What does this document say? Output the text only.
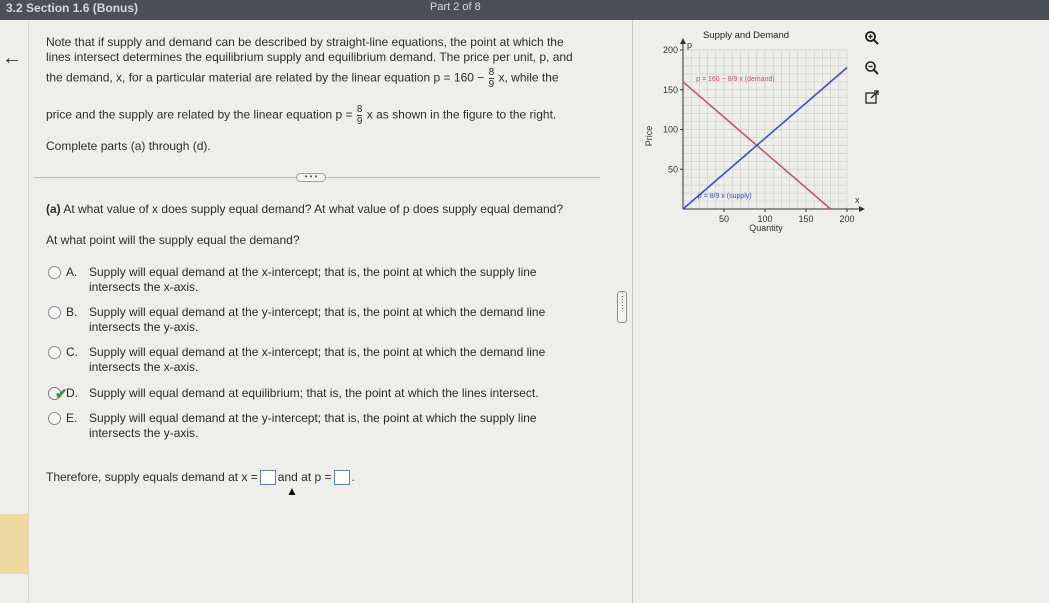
3.2 Section 1.6 (Bonus)	Part 2 of 8
←
Note that if supply and demand can be described by straight-line equations, the point at which the
lines intersect determines the equilibrium supply and equilibrium demand. The price per unit, p, and
the demand, x, for a particular material are related by the linear equation $p = 160 - \frac{8}{9} x$, while the
price and the supply are related by the linear equation $p = \frac{8}{9}$ x as shown in the figure to the right.
Complete parts (a) through (d).
• • •
(a) At what value of x does supply equal demand? At what value of p does supply equal demand?
At what point will the supply equal the demand?
A. Supply will equal demand at the x-intercept; that is, the point at which the supply line
intersects the x-axis.
B. Supply will equal demand at the y-intercept; that is, the point at which the demand line
intersects the y-axis.
C. Supply will equal demand at the x-intercept; that is, the point at which the demand line
intersects the x-axis.
✔
D. Supply will equal demand at equilibrium; that is, the point at which the lines intersect.
E. Supply will equal demand at the y-intercept; that is, the point at which the supply line
intersects the y-axis.
Therefore, supply equals demand at x = and at p = .
▲
⋮
⋮
x
p
50	100	150	200
50
100
150
200
Supply and Demand
Quantity
Price
p = 160 − 8/9 x (demand)
p = 8/9 x (supply)
